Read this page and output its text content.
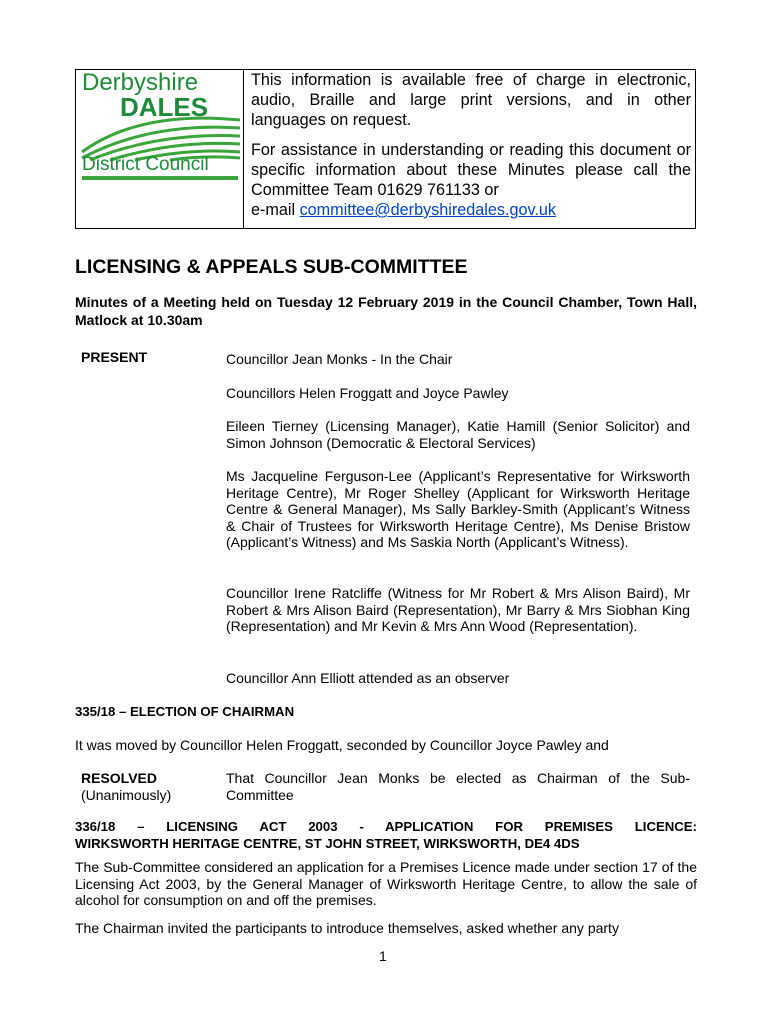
Derbyshire
DALES
District Council

This information is available free of charge in electronic, audio, Braille and large print versions, and in other languages on request.

For assistance in understanding or reading this document or specific information about these Minutes please call the Committee Team 01629 761133 or
e-mail committee@derbyshiredales.gov.uk

LICENSING & APPEALS SUB-COMMITTEE
Minutes of a Meeting held on Tuesday 12 February 2019 in the Council Chamber, Town Hall, Matlock at 10.30am
PRESENT	Councillor Jean Monks - In the Chair
Councillors Helen Froggatt and Joyce Pawley
Eileen Tierney (Licensing Manager), Katie Hamill (Senior Solicitor) and Simon Johnson (Democratic & Electoral Services)
Ms Jacqueline Ferguson-Lee (Applicant’s Representative for Wirksworth Heritage Centre), Mr Roger Shelley (Applicant for Wirksworth Heritage Centre & General Manager), Ms Sally Barkley-Smith (Applicant’s Witness & Chair of Trustees for Wirksworth Heritage Centre), Ms Denise Bristow (Applicant’s Witness) and Ms Saskia North (Applicant’s Witness).
Councillor Irene Ratcliffe (Witness for Mr Robert & Mrs Alison Baird), Mr Robert & Mrs Alison Baird (Representation), Mr Barry & Mrs Siobhan King (Representation) and Mr Kevin & Mrs Ann Wood (Representation).
Councillor Ann Elliott attended as an observer
335/18 – ELECTION OF CHAIRMAN
It was moved by Councillor Helen Froggatt, seconded by Councillor Joyce Pawley and
RESOLVED
(Unanimously)
That Councillor Jean Monks be elected as Chairman of the Sub-Committee
336/18 – LICENSING ACT 2003 - APPLICATION FOR PREMISES LICENCE:
WIRKSWORTH HERITAGE CENTRE, ST JOHN STREET, WIRKSWORTH, DE4 4DS
The Sub-Committee considered an application for a Premises Licence made under section 17 of the Licensing Act 2003, by the General Manager of Wirksworth Heritage Centre, to allow the sale of alcohol for consumption on and off the premises.
The Chairman invited the participants to introduce themselves, asked whether any party
1
